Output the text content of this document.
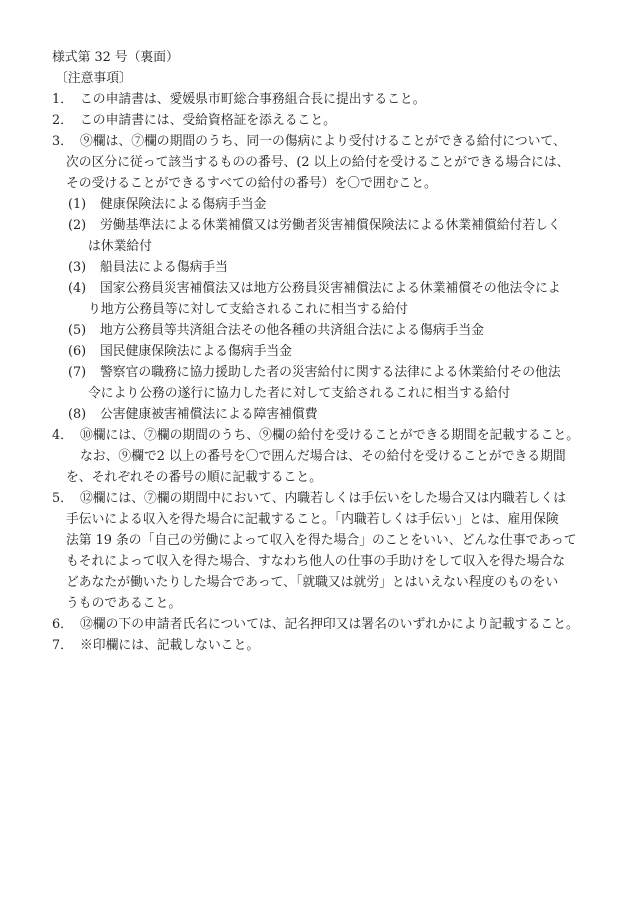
様式第 32 号（裏面）
〔注意事項〕
1． この申請書は、愛媛県市町総合事務組合長に提出すること。
2． この申請書には、受給資格証を添えること。
3． ⑨欄は、⑦欄の期間のうち、同一の傷病により受付けることができる給付について、
次の区分に従って該当するものの番号、(2 以上の給付を受けることができる場合には、
その受けることができるすべての給付の番号）を〇で囲むこと。
(1) 健康保険法による傷病手当金
(2) 労働基準法による休業補償又は労働者災害補償保険法による休業補償給付若しく
は休業給付
(3) 船員法による傷病手当
(4) 国家公務員災害補償法又は地方公務員災害補償法による休業補償その他法令によ
り地方公務員等に対して支給されるこれに相当する給付
(5) 地方公務員等共済組合法その他各種の共済組合法による傷病手当金
(6) 国民健康保険法による傷病手当金
(7) 警察官の職務に協力援助した者の災害給付に関する法律による休業給付その他法
令により公務の遂行に協力した者に対して支給されるこれに相当する給付
(8) 公害健康被害補償法による障害補償費
4． ⑩欄には、⑦欄の期間のうち、⑨欄の給付を受けることができる期間を記載すること。
なお、⑨欄で2 以上の番号を〇で囲んだ場合は、その給付を受けることができる期間
を、それぞれその番号の順に記載すること。
5． ⑫欄には、⑦欄の期間中において、内職若しくは手伝いをした場合又は内職若しくは
手伝いによる収入を得た場合に記載すること。「内職若しくは手伝い」とは、雇用保険
法第 19 条の「自己の労働によって収入を得た場合」のことをいい、どんな仕事であって
もそれによって収入を得た場合、すなわち他人の仕事の手助けをして収入を得た場合な
どあなたが働いたりした場合であって、「就職又は就労」とはいえない程度のものをい
うものであること。
6． ⑫欄の下の申請者氏名については、記名押印又は署名のいずれかにより記載すること。
7． ※印欄には、記載しないこと。
